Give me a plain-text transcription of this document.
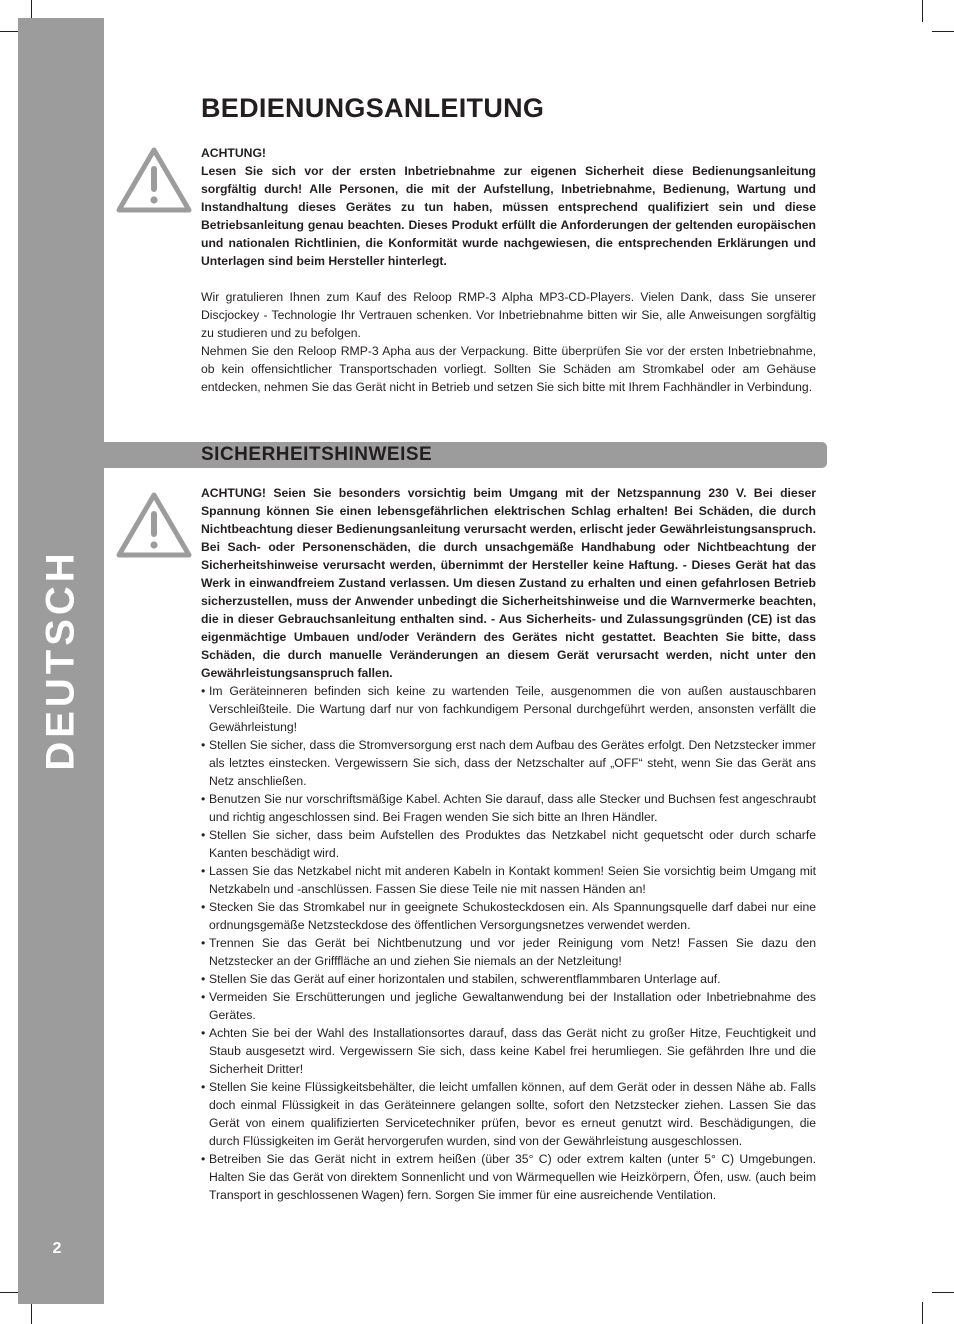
DEUTSCH
2
BEDIENUNGSANLEITUNG

ACHTUNG!

Lesen Sie sich vor der ersten Inbetriebnahme zur eigenen Sicherheit diese Bedienungsanleitung sorgfältig durch! Alle Personen, die mit der Aufstellung, Inbetriebnahme, Bedienung, Wartung und Instandhaltung dieses Gerätes zu tun haben, müssen entsprechend qualifiziert sein und diese Betriebsanleitung genau beachten. Dieses Produkt erfüllt die Anforderungen der geltenden europäischen und nationalen Richtlinien, die Konformität wurde nachgewiesen, die entsprechenden Erklärungen und Unterlagen sind beim Hersteller hinterlegt.

Wir gratulieren Ihnen zum Kauf des Reloop RMP-3 Alpha MP3-CD-Players. Vielen Dank, dass Sie unserer Discjockey - Technologie Ihr Vertrauen schenken. Vor Inbetriebnahme bitten wir Sie, alle Anweisungen sorgfältig zu studieren und zu befolgen.

Nehmen Sie den Reloop RMP-3 Apha aus der Verpackung. Bitte überprüfen Sie vor der ersten Inbetriebnahme, ob kein offensichtlicher Transportschaden vorliegt. Sollten Sie Schäden am Stromkabel oder am Gehäuse entdecken, nehmen Sie das Gerät nicht in Betrieb und setzen Sie sich bitte mit Ihrem Fachhändler in Verbindung.

SICHERHEITSHINWEISE

ACHTUNG! Seien Sie besonders vorsichtig beim Umgang mit der Netzspannung 230 V. Bei dieser Spannung können Sie einen lebensgefährlichen elektrischen Schlag erhalten! Bei Schäden, die durch Nichtbeachtung dieser Bedienungsanleitung verursacht werden, erlischt jeder Gewährleistungsanspruch. Bei Sach- oder Personenschäden, die durch unsachgemäße Handhabung oder Nichtbeachtung der Sicherheitshinweise verursacht werden, übernimmt der Hersteller keine Haftung. - Dieses Gerät hat das Werk in einwandfreiem Zustand verlassen. Um diesen Zustand zu erhalten und einen gefahrlosen Betrieb sicherzustellen, muss der Anwender unbedingt die Sicherheitshinweise und die Warnvermerke beachten, die in dieser Gebrauchsanleitung enthalten sind. - Aus Sicherheits- und Zulassungsgründen (CE) ist das eigenmächtige Umbauen und/oder Verändern des Gerätes nicht gestattet. Beachten Sie bitte, dass Schäden, die durch manuelle Veränderungen an diesem Gerät verursacht werden, nicht unter den Gewährleistungsanspruch fallen.

• Im Geräteinneren befinden sich keine zu wartenden Teile, ausgenommen die von außen austauschbaren Verschleißteile. Die Wartung darf nur von fachkundigem Personal durchgeführt werden, ansonsten verfällt die Gewährleistung!
• Stellen Sie sicher, dass die Stromversorgung erst nach dem Aufbau des Gerätes erfolgt. Den Netzstecker immer als letztes einstecken. Vergewissern Sie sich, dass der Netzschalter auf „OFF“ steht, wenn Sie das Gerät ans Netz anschließen.
• Benutzen Sie nur vorschriftsmäßige Kabel. Achten Sie darauf, dass alle Stecker und Buchsen fest angeschraubt und richtig angeschlossen sind. Bei Fragen wenden Sie sich bitte an Ihren Händler.
• Stellen Sie sicher, dass beim Aufstellen des Produktes das Netzkabel nicht gequetscht oder durch scharfe Kanten beschädigt wird.
• Lassen Sie das Netzkabel nicht mit anderen Kabeln in Kontakt kommen! Seien Sie vorsichtig beim Umgang mit Netzkabeln und -anschlüssen. Fassen Sie diese Teile nie mit nassen Händen an!
• Stecken Sie das Stromkabel nur in geeignete Schukosteckdosen ein. Als Spannungsquelle darf dabei nur eine ordnungsgemäße Netzsteckdose des öffentlichen Versorgungsnetzes verwendet werden.
• Trennen Sie das Gerät bei Nichtbenutzung und vor jeder Reinigung vom Netz! Fassen Sie dazu den Netzstecker an der Grifffläche an und ziehen Sie niemals an der Netzleitung!
• Stellen Sie das Gerät auf einer horizontalen und stabilen, schwerentflammbaren Unterlage auf.
• Vermeiden Sie Erschütterungen und jegliche Gewaltanwendung bei der Installation oder Inbetriebnahme des Gerätes.
• Achten Sie bei der Wahl des Installationsortes darauf, dass das Gerät nicht zu großer Hitze, Feuchtigkeit und Staub ausgesetzt wird. Vergewissern Sie sich, dass keine Kabel frei herumliegen. Sie gefährden Ihre und die Sicherheit Dritter!
• Stellen Sie keine Flüssigkeitsbehälter, die leicht umfallen können, auf dem Gerät oder in dessen Nähe ab. Falls doch einmal Flüssigkeit in das Geräteinnere gelangen sollte, sofort den Netzstecker ziehen. Lassen Sie das Gerät von einem qualifizierten Servicetechniker prüfen, bevor es erneut genutzt wird. Beschädigungen, die durch Flüssigkeiten im Gerät hervorgerufen wurden, sind von der Gewährleistung ausgeschlossen.
• Betreiben Sie das Gerät nicht in extrem heißen (über 35° C) oder extrem kalten (unter 5° C) Umgebungen. Halten Sie das Gerät von direktem Sonnenlicht und von Wärmequellen wie Heizkörpern, Öfen, usw. (auch beim Transport in geschlossenen Wagen) fern. Sorgen Sie immer für eine ausreichende Ventilation.
